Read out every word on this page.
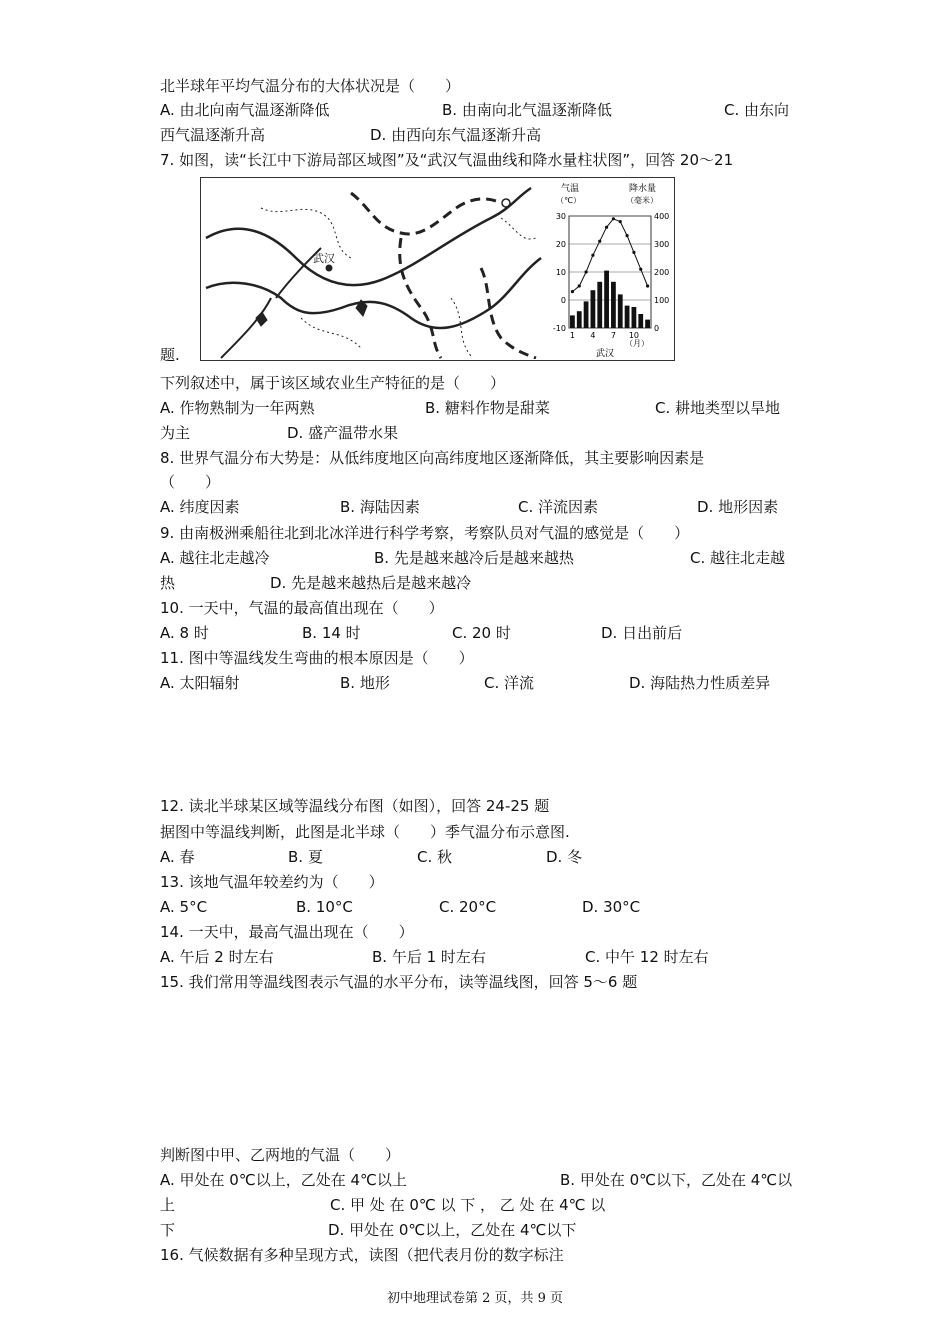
北半球年平均气温分布的大体状况是（　　）
A. 由北向南气温逐渐降低	B. 由南向北气温逐渐降低	C. 由东向
西气温逐渐升高	D. 由西向东气温逐渐升高
7. 如图，读“长江中下游局部区域图”及“武汉气温曲线和降水量柱状图”，回答 20～21
武汉
气温
（℃）
降水量
（毫米）
30
20
10
0
-10
400
300
200
100
0
1 4 7 10
（月）
武汉
题.
下列叙述中，属于该区域农业生产特征的是（　　）
A. 作物熟制为一年两熟	B. 糖料作物是甜菜	C. 耕地类型以旱地
为主	D. 盛产温带水果
8. 世界气温分布大势是：从低纬度地区向高纬度地区逐渐降低，其主要影响因素是
（　　）
A. 纬度因素	B. 海陆因素	C. 洋流因素	D. 地形因素
9. 由南极洲乘船往北到北冰洋进行科学考察，考察队员对气温的感觉是（　　）
A. 越往北走越冷	B. 先是越来越冷后是越来越热	C. 越往北走越
热	D. 先是越来越热后是越来越冷
10. 一天中，气温的最高值出现在（　　）
A. 8 时	B. 14 时	C. 20 时	D. 日出前后
11. 图中等温线发生弯曲的根本原因是（　　）
A. 太阳辐射	B. 地形	C. 洋流	D. 海陆热力性质差异
12. 读北半球某区域等温线分布图（如图），回答 24-25 题
据图中等温线判断，此图是北半球（　　）季气温分布示意图.
A. 春	B. 夏	C. 秋	D. 冬
13. 该地气温年较差约为（　　）
A. 5°C	B. 10°C	C. 20°C	D. 30°C
14. 一天中，最高气温出现在（　　）
A. 午后 2 时左右	B. 午后 1 时左右	C. 中午 12 时左右
15. 我们常用等温线图表示气温的水平分布，读等温线图，回答 5～6 题
判断图中甲、乙两地的气温（　　）
A. 甲处在 0℃以上，乙处在 4℃以上	B. 甲处在 0℃以下，乙处在 4℃以
上	C. 甲 处 在 0℃ 以 下 ， 乙 处 在 4℃ 以
下	D. 甲处在 0℃以上，乙处在 4℃以下
16. 气候数据有多种呈现方式，读图（把代表月份的数字标注
初中地理试卷第 2 页，共 9 页
